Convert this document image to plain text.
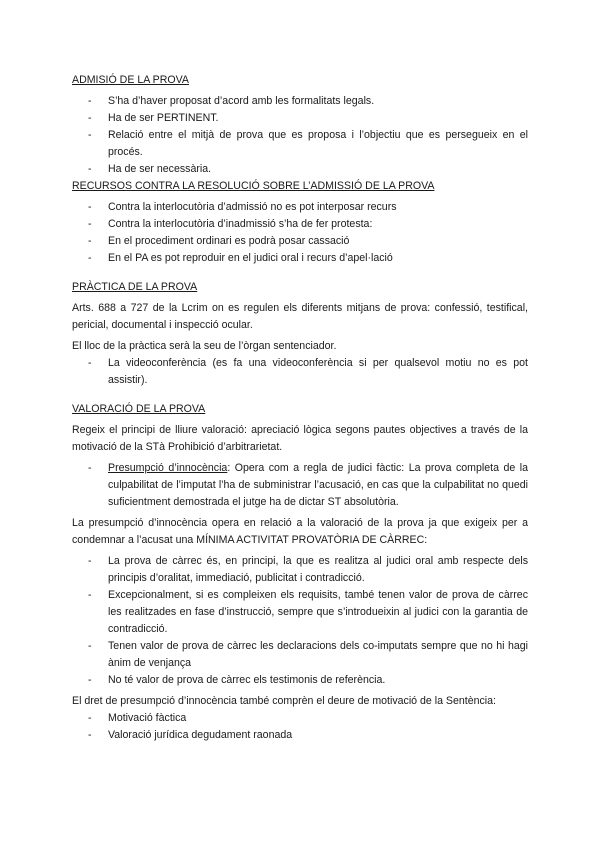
ADMISIÓ DE LA PROVA

- S’ha d’haver proposat d’acord amb les formalitats legals.
- Ha de ser PERTINENT.
- Relació entre el mitjà de prova que es proposa i l’objectiu que es persegueix en el procés.
- Ha de ser necessària.

RECURSOS CONTRA LA RESOLUCIÓ SOBRE L’ADMISSIÓ DE LA PROVA

- Contra la interlocutòria d’admissió no es pot interposar recurs
- Contra la interlocutòria d’inadmissió s’ha de fer protesta:
- En el procediment ordinari es podrà posar cassació
- En el PA es pot reproduir en el judici oral i recurs d’apel·lació

PRÀCTICA DE LA PROVA

Arts. 688 a 727 de la Lcrim on es regulen els diferents mitjans de prova: confessió, testifical, pericial, documental i inspecció ocular.

El lloc de la pràctica serà la seu de l’òrgan sentenciador.

- La videoconferència (es fa una videoconferència si per qualsevol motiu no es pot assistir).

VALORACIÓ DE LA PROVA

Regeix el principi de lliure valoració: apreciació lògica segons pautes objectives a través de la motivació de la STà Prohibició d’arbitrarietat.

- Presumpció d’innocència: Opera com a regla de judici fàctic: La prova completa de la culpabilitat de l’imputat l’ha de subministrar l’acusació, en cas que la culpabilitat no quedi suficientment demostrada el jutge ha de dictar ST absolutòria.

La presumpció d’innocència opera en relació a la valoració de la prova ja que exigeix per a condemnar a l’acusat una MÍNIMA ACTIVITAT PROVATÒRIA DE CÀRREC:

- La prova de càrrec és, en principi, la que es realitza al judici oral amb respecte dels principis d’oralitat, immediació, publicitat i contradicció.
- Excepcionalment, si es compleixen els requisits, també tenen valor de prova de càrrec les realitzades en fase d’instrucció, sempre que s’introdueixin al judici con la garantia de contradicció.
- Tenen valor de prova de càrrec les declaracions dels co-imputats sempre que no hi hagi ànim de venjança
- No té valor de prova de càrrec els testimonis de referència.

El dret de presumpció d’innocència també comprèn el deure de motivació de la Sentència:

- Motivació fàctica
- Valoració jurídica degudament raonada
